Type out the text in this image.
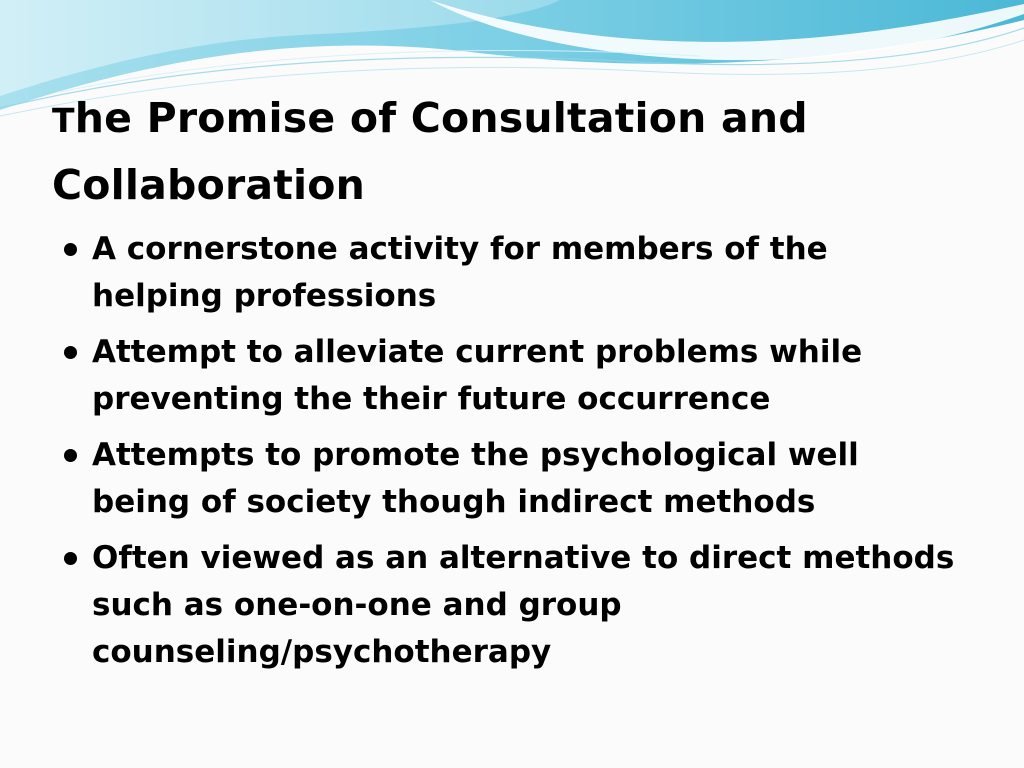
The Promise of Consultation and Collaboration
A cornerstone activity for members of the helping professions
Attempt to alleviate current problems while preventing the their future occurrence
Attempts to promote the psychological well being of society though indirect methods
Often viewed as an alternative to direct methods such as one-on-one and group counseling/psychotherapy
